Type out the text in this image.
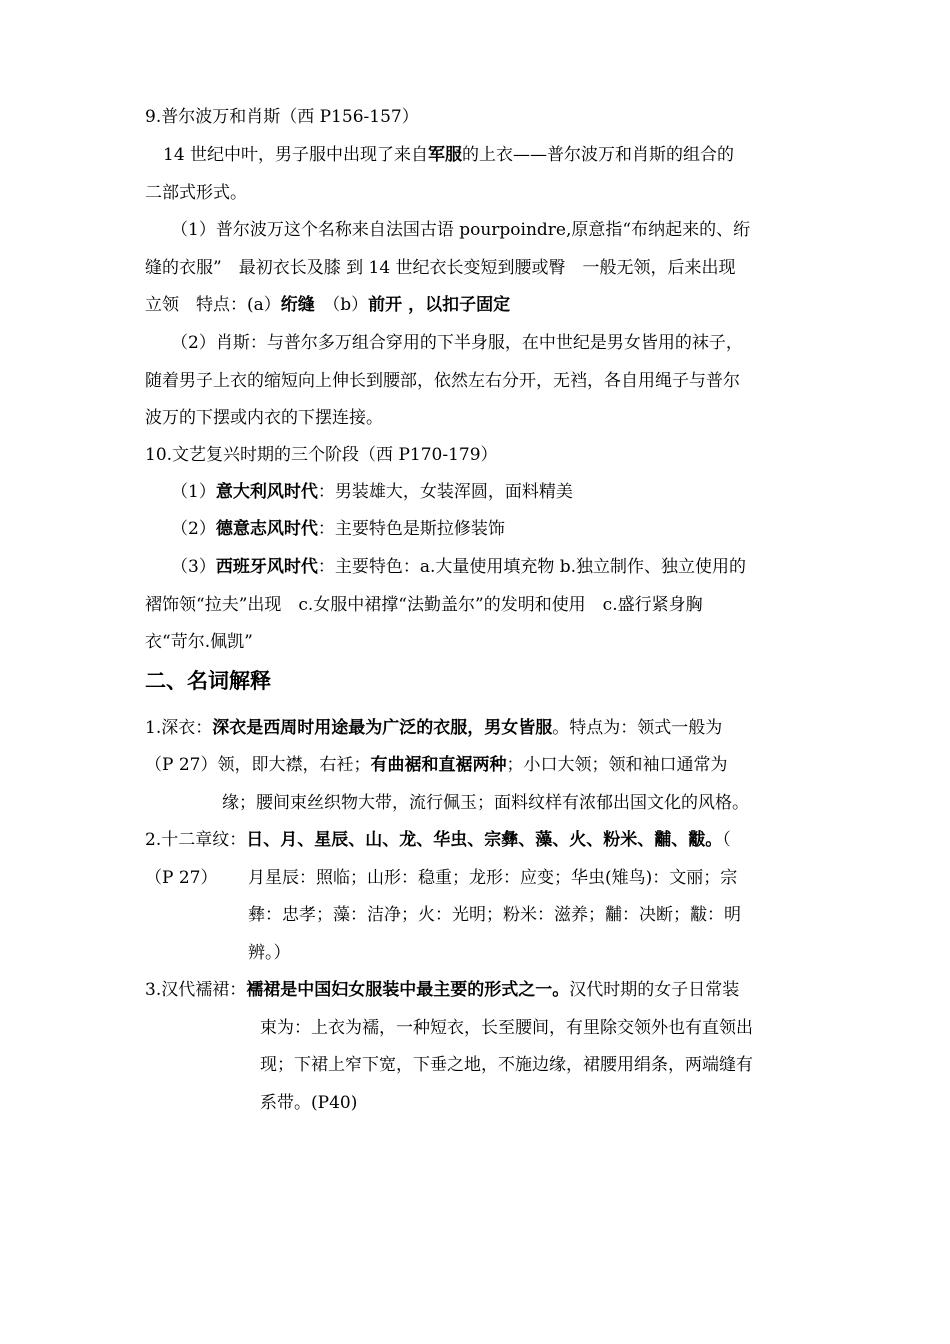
9.普尔波万和肖斯（西 P156-157）
14 世纪中叶，男子服中出现了来自军服的上衣——普尔波万和肖斯的组合的
二部式形式。
（1）普尔波万这个名称来自法国古语 pourpoindre,原意指“布纳起来的、绗
缝的衣服”　最初衣长及膝 到 14 世纪衣长变短到腰或臀　一般无领，后来出现
立领　特点：(a）绗缝　（b）前开 ，以扣子固定
（2）肖斯：与普尔多万组合穿用的下半身服，在中世纪是男女皆用的袜子，
随着男子上衣的缩短向上伸长到腰部，依然左右分开，无裆，各自用绳子与普尔
波万的下摆或内衣的下摆连接。
10.文艺复兴时期的三个阶段（西 P170-179）
（1）意大利风时代：男装雄大，女装浑圆，面料精美
（2）德意志风时代：主要特色是斯拉修装饰
（3）西班牙风时代：主要特色：a.大量使用填充物 b.独立制作、独立使用的
褶饰领“拉夫”出现　c.女服中裙撑“法勤盖尔”的发明和使用　c.盛行紧身胸
衣“苛尔.佩凯”
二、名词解释
1.深衣：深衣是西周时用途最为广泛的衣服，男女皆服。特点为：领式一般为
（P 27）领，即大襟，右衽；有曲裾和直裾两种；小口大领；领和袖口通常为
缘；腰间束丝织物大带，流行佩玉；面料纹样有浓郁出国文化的风格。
2.十二章纹：日、月、星辰、山、龙、华虫、宗彝、藻、火、粉米、黼、黻。（
（P 27） 月星辰：照临；山形：稳重；龙形：应变；华虫(雉鸟)：文丽；宗
彝：忠孝；藻：洁净；火：光明；粉米：滋养；黼：决断；黻：明
辨。）
3.汉代襦裙：襦裙是中国妇女服装中最主要的形式之一。汉代时期的女子日常装
束为：上衣为襦，一种短衣，长至腰间，有里除交领外也有直领出
现；下裙上窄下宽，下垂之地，不施边缘，裙腰用绢条，两端缝有
系带。(P40)
